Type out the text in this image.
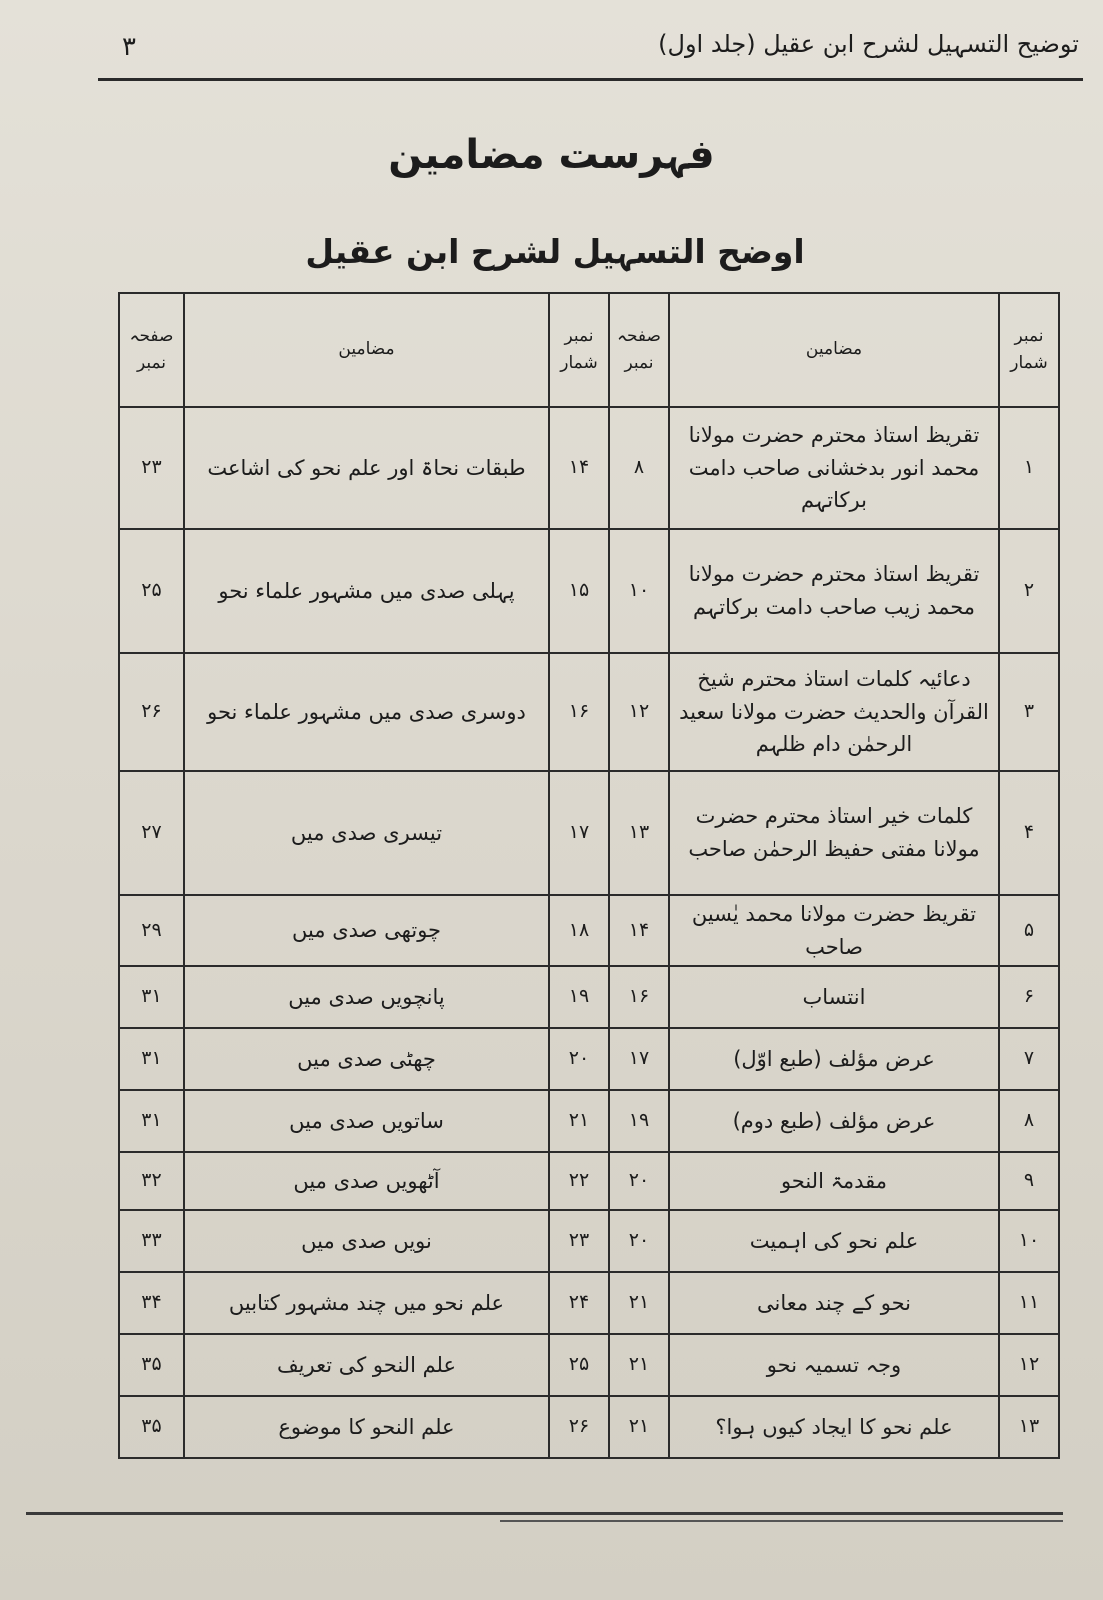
۳	توضیح التسہیل لشرح ابن عقیل (جلد اول)
فہرست مضامین
اوضح التسہیل لشرح ابن عقیل
نمبر شمار	مضامین	صفحہ نمبر	نمبر شمار	مضامین	صفحہ نمبر
۱	تقریظ استاذ محترم حضرت مولانا محمد انور بدخشانی صاحب دامت برکاتہم	۸	۱۴	طبقات نحاۃ اور علم نحو کی اشاعت	۲۳
۲	تقریظ استاذ محترم حضرت مولانا محمد زیب صاحب دامت برکاتہم	۱۰	۱۵	پہلی صدی میں مشہور علماء نحو	۲۵
۳	دعائیہ کلمات استاذ محترم شیخ القرآن والحدیث حضرت مولانا سعید الرحمٰن دام ظلہم	۱۲	۱۶	دوسری صدی میں مشہور علماء نحو	۲۶
۴	کلمات خیر استاذ محترم حضرت مولانا مفتی حفیظ الرحمٰن صاحب	۱۳	۱۷	تیسری صدی میں	۲۷
۵	تقریظ حضرت مولانا محمد یٰسین صاحب	۱۴	۱۸	چوتھی صدی میں	۲۹
۶	انتساب	۱۶	۱۹	پانچویں صدی میں	۳۱
۷	عرض مؤلف (طبع اوّل)	۱۷	۲۰	چھٹی صدی میں	۳۱
۸	عرض مؤلف (طبع دوم)	۱۹	۲۱	ساتویں صدی میں	۳۱
۹	مقدمۃ النحو	۲۰	۲۲	آٹھویں صدی میں	۳۲
۱۰	علم نحو کی اہمیت	۲۰	۲۳	نویں صدی میں	۳۳
۱۱	نحو کے چند معانی	۲۱	۲۴	علم نحو میں چند مشہور کتابیں	۳۴
۱۲	وجہ تسمیہ نحو	۲۱	۲۵	علم النحو کی تعریف	۳۵
۱۳	علم نحو کا ایجاد کیوں ہوا؟	۲۱	۲۶	علم النحو کا موضوع	۳۵
